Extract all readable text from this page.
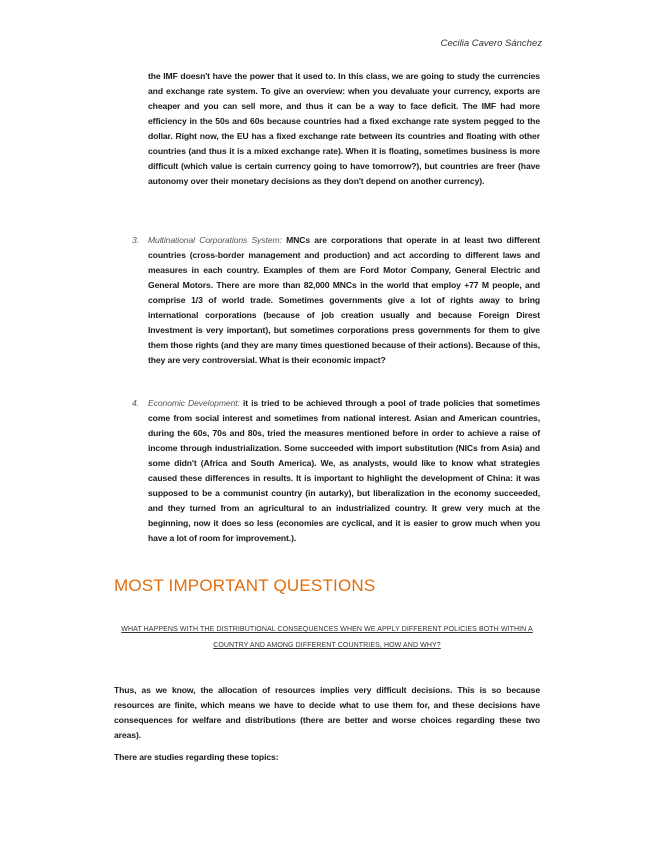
Cecilia Cavero Sánchez

the IMF doesn't have the power that it used to. In this class, we are going to study the currencies and exchange rate system. To give an overview: when you devaluate your currency, exports are cheaper and you can sell more, and thus it can be a way to face deficit. The IMF had more efficiency in the 50s and 60s because countries had a fixed exchange rate system pegged to the dollar. Right now, the EU has a fixed exchange rate between its countries and floating with other countries (and thus it is a mixed exchange rate). When it is floating, sometimes business is more difficult (which value is certain currency going to have tomorrow?), but countries are freer (have autonomy over their monetary decisions as they don't depend on another currency).

3. Multinational Corporations System: MNCs are corporations that operate in at least two different countries (cross-border management and production) and act according to different laws and measures in each country. Examples of them are Ford Motor Company, General Electric and General Motors. There are more than 82,000 MNCs in the world that employ +77 M people, and comprise 1/3 of world trade. Sometimes governments give a lot of rights away to bring international corporations (because of job creation usually and because Foreign Direst Investment is very important), but sometimes corporations press governments for them to give them those rights (and they are many times questioned because of their actions). Because of this, they are very controversial. What is their economic impact?
4. Economic Development: it is tried to be achieved through a pool of trade policies that sometimes come from social interest and sometimes from national interest. Asian and American countries, during the 60s, 70s and 80s, tried the measures mentioned before in order to achieve a raise of income through industrialization. Some succeeded with import substitution (NICs from Asia) and some didn't (Africa and South America). We, as analysts, would like to know what strategies caused these differences in results. It is important to highlight the development of China: it was supposed to be a communist country (in autarky), but liberalization in the economy succeeded, and they turned from an agricultural to an industrialized country. It grew very much at the beginning, now it does so less (economies are cyclical, and it is easier to grow much when you have a lot of room for improvement.).
MOST IMPORTANT QUESTIONS
WHAT HAPPENS WITH THE DISTRIBUTIONAL CONSEQUENCES WHEN WE APPLY DIFFERENT POLICIES BOTH WITHIN A COUNTRY AND AMONG DIFFERENT COUNTRIES, HOW AND WHY?

Thus, as we know, the allocation of resources implies very difficult decisions. This is so because resources are finite, which means we have to decide what to use them for, and these decisions have consequences for welfare and distributions (there are better and worse choices regarding these two areas).

There are studies regarding these topics:
